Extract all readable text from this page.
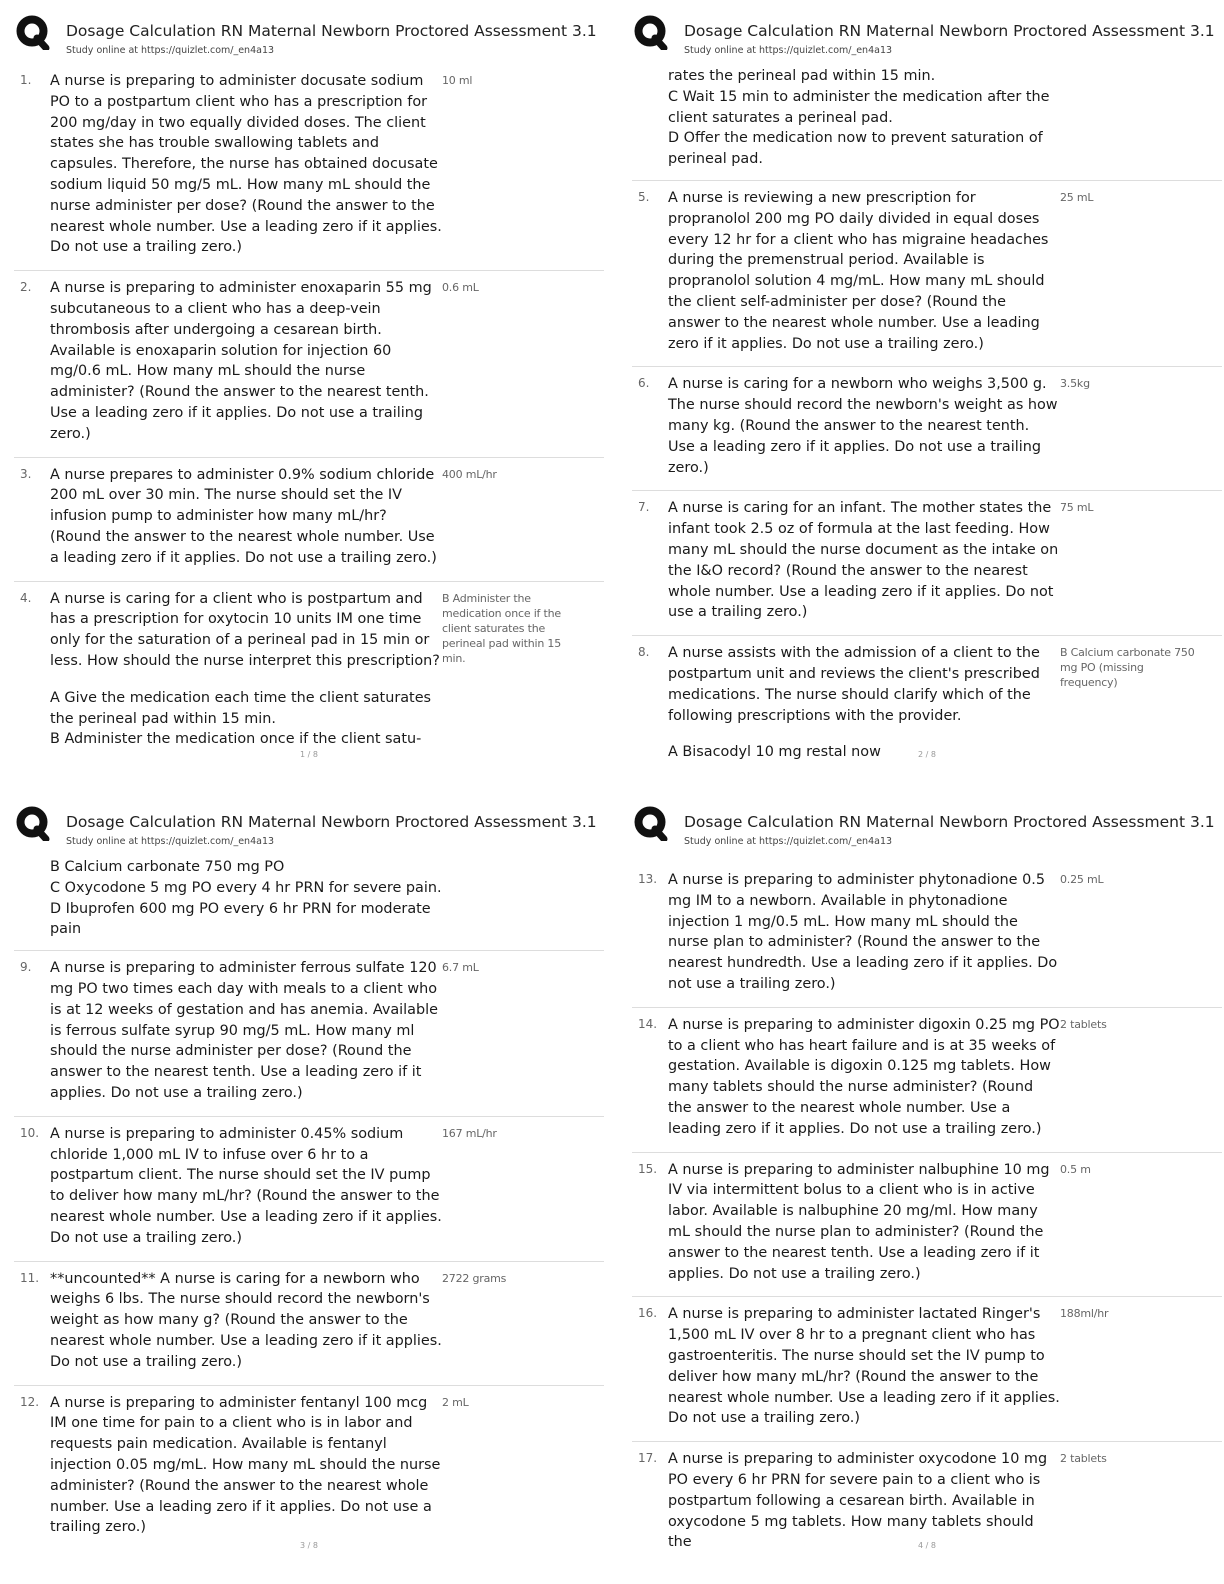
Dosage Calculation RN Maternal Newborn Proctored Assessment 3.1
Study online at https://quizlet.com/_en4a13
1. A nurse is preparing to administer docusate sodium PO to a postpartum client who has a prescription for 200 mg/day in two equally divided doses. The client states she has trouble swallowing tablets and capsules. Therefore, the nurse has obtained docusate sodium liquid 50 mg/5 mL. How many mL should the nurse administer per dose? (Round the answer to the nearest whole number. Use a leading zero if it applies. Do not use a trailing zero.)
10 ml
2. A nurse is preparing to administer enoxaparin 55 mg subcutaneous to a client who has a deep-vein thrombosis after undergoing a cesarean birth. Available is enoxaparin solution for injection 60 mg/0.6 mL. How many mL should the nurse administer? (Round the answer to the nearest tenth. Use a leading zero if it applies. Do not use a trailing zero.)
0.6 mL
3. A nurse prepares to administer 0.9% sodium chloride 200 mL over 30 min. The nurse should set the IV infusion pump to administer how many mL/hr? (Round the answer to the nearest whole number. Use a leading zero if it applies. Do not use a trailing zero.)
400 mL/hr
4. A nurse is caring for a client who is postpartum and has a prescription for oxytocin 10 units IM one time only for the saturation of a perineal pad in 15 min or less. How should the nurse interpret this prescription?
A Give the medication each time the client saturates the perineal pad within 15 min.
B Administer the medication once if the client satu-
B Administer the medication once if the client saturates the perineal pad within 15 min.
1 / 8
Dosage Calculation RN Maternal Newborn Proctored Assessment 3.1
Study online at https://quizlet.com/_en4a13
rates the perineal pad within 15 min.
C Wait 15 min to administer the medication after the client saturates a perineal pad.
D Offer the medication now to prevent saturation of perineal pad.
5. A nurse is reviewing a new prescription for propranolol 200 mg PO daily divided in equal doses every 12 hr for a client who has migraine headaches during the premenstrual period. Available is propranolol solution 4 mg/mL. How many mL should the client self-administer per dose? (Round the answer to the nearest whole number. Use a leading zero if it applies. Do not use a trailing zero.)
25 mL
6. A nurse is caring for a newborn who weighs 3,500 g. The nurse should record the newborn's weight as how many kg. (Round the answer to the nearest tenth. Use a leading zero if it applies. Do not use a trailing zero.)
3.5kg
7. A nurse is caring for an infant. The mother states the infant took 2.5 oz of formula at the last feeding. How many mL should the nurse document as the intake on the I&O record? (Round the answer to the nearest whole number. Use a leading zero if it applies. Do not use a trailing zero.)
75 mL
8. A nurse assists with the admission of a client to the postpartum unit and reviews the client's prescribed medications. The nurse should clarify which of the following prescriptions with the provider.
A Bisacodyl 10 mg restal now
B Calcium carbonate 750 mg PO (missing frequency)
2 / 8
Dosage Calculation RN Maternal Newborn Proctored Assessment 3.1
Study online at https://quizlet.com/_en4a13
B Calcium carbonate 750 mg PO
C Oxycodone 5 mg PO every 4 hr PRN for severe pain.
D Ibuprofen 600 mg PO every 6 hr PRN for moderate pain
9. A nurse is preparing to administer ferrous sulfate 120 mg PO two times each day with meals to a client who is at 12 weeks of gestation and has anemia. Available is ferrous sulfate syrup 90 mg/5 mL. How many ml should the nurse administer per dose? (Round the answer to the nearest tenth. Use a leading zero if it applies. Do not use a trailing zero.)
6.7 mL
10. A nurse is preparing to administer 0.45% sodium chloride 1,000 mL IV to infuse over 6 hr to a postpartum client. The nurse should set the IV pump to deliver how many mL/hr? (Round the answer to the nearest whole number. Use a leading zero if it applies. Do not use a trailing zero.)
167 mL/hr
11. **uncounted** A nurse is caring for a newborn who weighs 6 lbs. The nurse should record the newborn's weight as how many g? (Round the answer to the nearest whole number. Use a leading zero if it applies. Do not use a trailing zero.)
2722 grams
12. A nurse is preparing to administer fentanyl 100 mcg IM one time for pain to a client who is in labor and requests pain medication. Available is fentanyl injection 0.05 mg/mL. How many mL should the nurse administer? (Round the answer to the nearest whole number. Use a leading zero if it applies. Do not use a trailing zero.)
2 mL
3 / 8
Dosage Calculation RN Maternal Newborn Proctored Assessment 3.1
Study online at https://quizlet.com/_en4a13
13. A nurse is preparing to administer phytonadione 0.5 mg IM to a newborn. Available in phytonadione injection 1 mg/0.5 mL. How many mL should the nurse plan to administer? (Round the answer to the nearest hundredth. Use a leading zero if it applies. Do not use a trailing zero.)
0.25 mL
14. A nurse is preparing to administer digoxin 0.25 mg PO to a client who has heart failure and is at 35 weeks of gestation. Available is digoxin 0.125 mg tablets. How many tablets should the nurse administer? (Round the answer to the nearest whole number. Use a leading zero if it applies. Do not use a trailing zero.)
2 tablets
15. A nurse is preparing to administer nalbuphine 10 mg IV via intermittent bolus to a client who is in active labor. Available is nalbuphine 20 mg/ml. How many mL should the nurse plan to administer? (Round the answer to the nearest tenth. Use a leading zero if it applies. Do not use a trailing zero.)
0.5 m
16. A nurse is preparing to administer lactated Ringer's 1,500 mL IV over 8 hr to a pregnant client who has gastroenteritis. The nurse should set the IV pump to deliver how many mL/hr? (Round the answer to the nearest whole number. Use a leading zero if it applies. Do not use a trailing zero.)
188ml/hr
17. A nurse is preparing to administer oxycodone 10 mg PO every 6 hr PRN for severe pain to a client who is postpartum following a cesarean birth. Available in oxycodone 5 mg tablets. How many tablets should the
2 tablets
4 / 8
